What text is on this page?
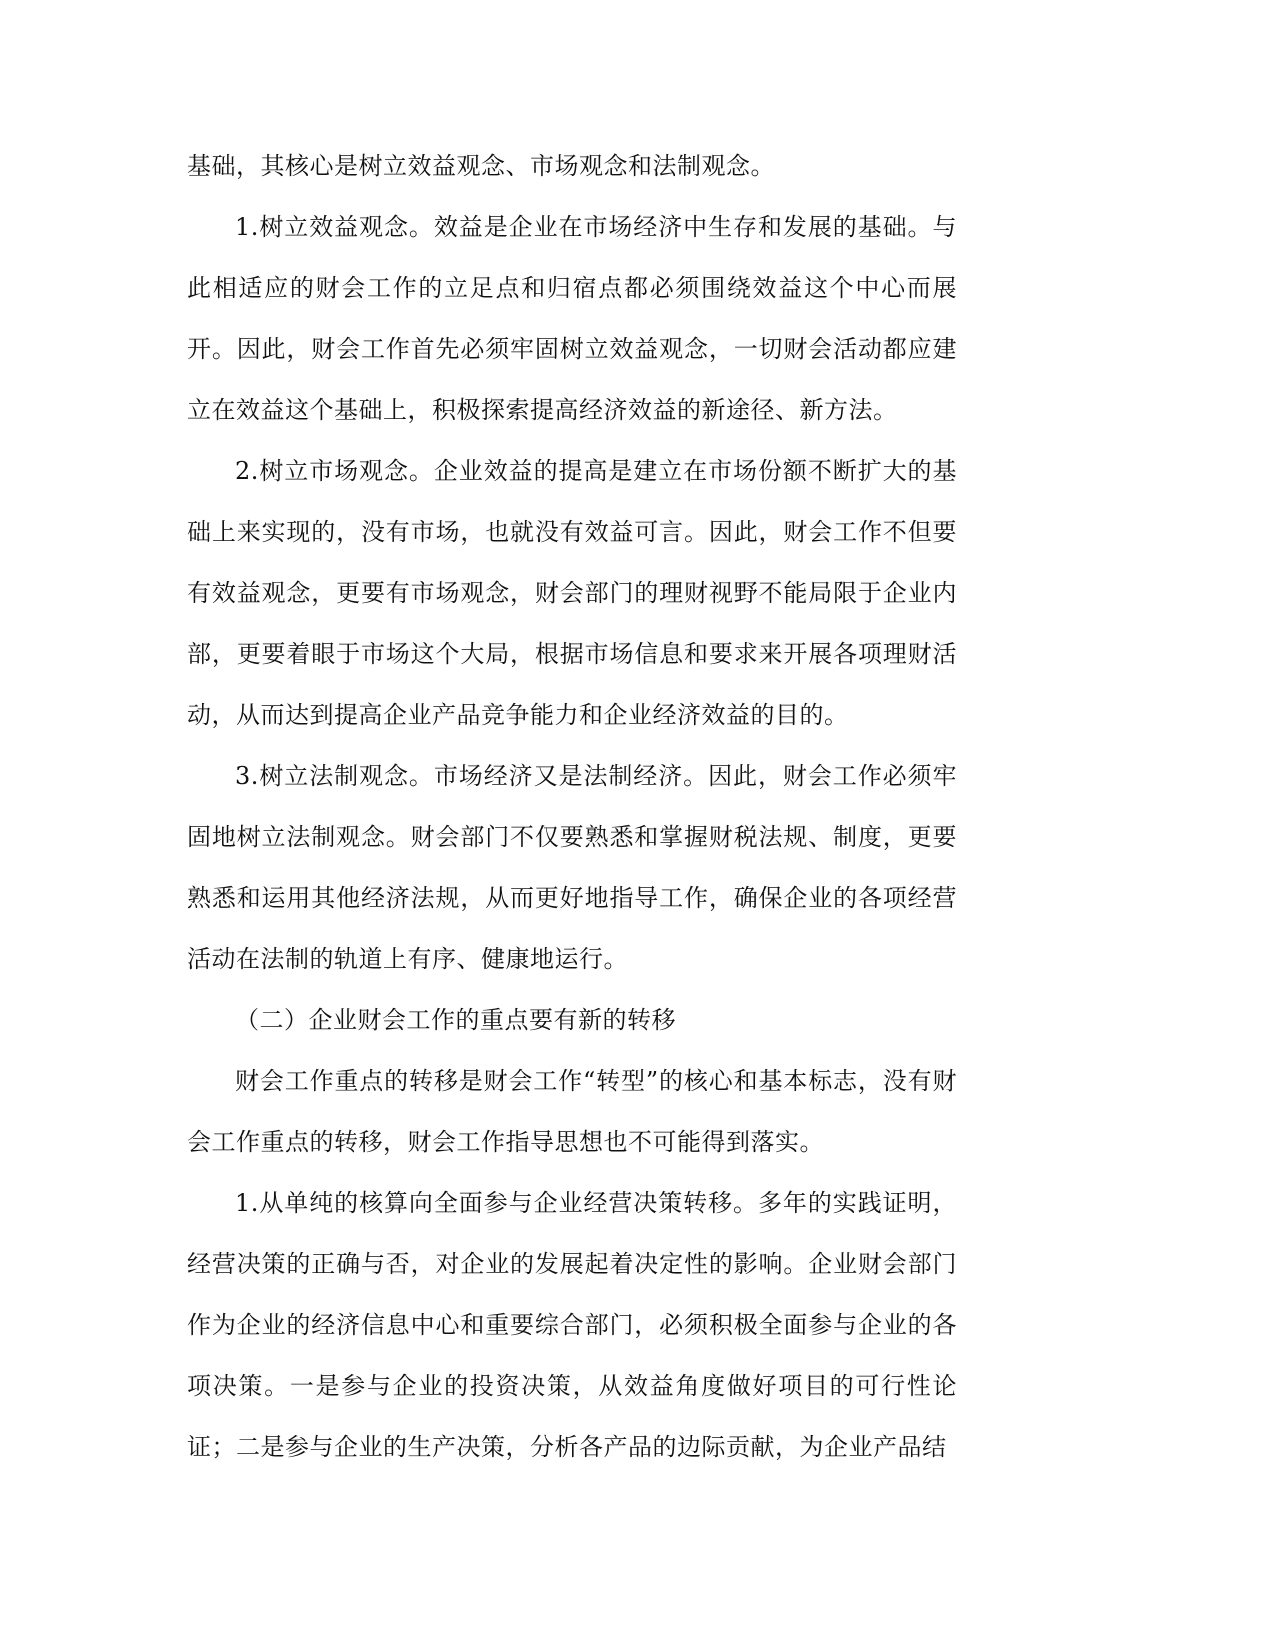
基础，其核心是树立效益观念、市场观念和法制观念。

1.树立效益观念。效益是企业在市场经济中生存和发展的基础。与此相适应的财会工作的立足点和归宿点都必须围绕效益这个中心而展开。因此，财会工作首先必须牢固树立效益观念，一切财会活动都应建立在效益这个基础上，积极探索提高经济效益的新途径、新方法。

2.树立市场观念。企业效益的提高是建立在市场份额不断扩大的基础上来实现的，没有市场，也就没有效益可言。因此，财会工作不但要有效益观念，更要有市场观念，财会部门的理财视野不能局限于企业内部，更要着眼于市场这个大局，根据市场信息和要求来开展各项理财活动，从而达到提高企业产品竞争能力和企业经济效益的目的。

3.树立法制观念。市场经济又是法制经济。因此，财会工作必须牢固地树立法制观念。财会部门不仅要熟悉和掌握财税法规、制度，更要熟悉和运用其他经济法规，从而更好地指导工作，确保企业的各项经营活动在法制的轨道上有序、健康地运行。

（二）企业财会工作的重点要有新的转移

财会工作重点的转移是财会工作“转型”的核心和基本标志，没有财会工作重点的转移，财会工作指导思想也不可能得到落实。

1.从单纯的核算向全面参与企业经营决策转移。多年的实践证明，经营决策的正确与否，对企业的发展起着决定性的影响。企业财会部门作为企业的经济信息中心和重要综合部门，必须积极全面参与企业的各项决策。一是参与企业的投资决策，从效益角度做好项目的可行性论证；二是参与企业的生产决策，分析各产品的边际贡献，为企业产品结
